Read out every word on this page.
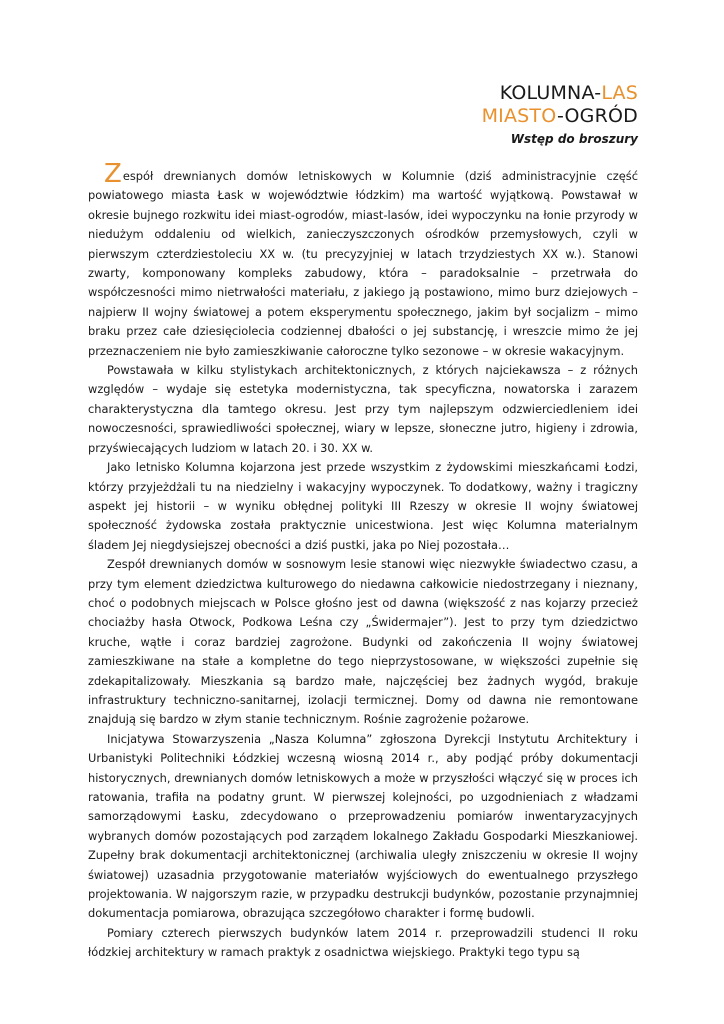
KOLUMNA-LAS
MIASTO-OGRÓD
Wstęp do broszury

Zespół drewnianych domów letniskowych w Kolumnie (dziś administracyjnie część powiatowego miasta Łask w województwie łódzkim) ma wartość wyjątkową. Powstawał w okresie bujnego rozkwitu idei miast-ogrodów, miast-lasów, idei wypoczynku na łonie przyrody w niedużym oddaleniu od wielkich, zanieczyszczonych ośrodków przemysłowych, czyli w pierwszym czterdziestoleciu XX w. (tu precyzyjniej w latach trzydziestych XX w.). Stanowi zwarty, komponowany kompleks zabudowy, która – paradoksalnie – przetrwała do współczesności mimo nietrwałości materiału, z jakiego ją postawiono, mimo burz dziejowych – najpierw II wojny światowej a potem eksperymentu społecznego, jakim był socjalizm – mimo braku przez całe dziesięciolecia codziennej dbałości o jej substancję, i wreszcie mimo że jej przeznaczeniem nie było zamieszkiwanie całoroczne tylko sezonowe – w okresie wakacyjnym.

Powstawała w kilku stylistykach architektonicznych, z których najciekawsza – z różnych względów – wydaje się estetyka modernistyczna, tak specyficzna, nowatorska i zarazem charakterystyczna dla tamtego okresu. Jest przy tym najlepszym odzwierciedleniem idei nowoczesności, sprawiedliwości społecznej, wiary w lepsze, słoneczne jutro, higieny i zdrowia, przyświecających ludziom w latach 20. i 30. XX w.

Jako letnisko Kolumna kojarzona jest przede wszystkim z żydowskimi mieszkańcami Łodzi, którzy przyjeżdżali tu na niedzielny i wakacyjny wypoczynek. To dodatkowy, ważny i tragiczny aspekt jej historii – w wyniku obłędnej polityki III Rzeszy w okresie II wojny światowej społeczność żydowska została praktycznie unicestwiona. Jest więc Kolumna materialnym śladem Jej niegdysiejszej obecności a dziś pustki, jaka po Niej pozostała…

Zespół drewnianych domów w sosnowym lesie stanowi więc niezwykłe świadectwo czasu, a przy tym element dziedzictwa kulturowego do niedawna całkowicie niedostrzegany i nieznany, choć o podobnych miejscach w Polsce głośno jest od dawna (większość z nas kojarzy przecież chociażby hasła Otwock, Podkowa Leśna czy „Świdermajer”). Jest to przy tym dziedzictwo kruche, wątłe i coraz bardziej zagrożone. Budynki od zakończenia II wojny światowej zamieszkiwane na stałe a kompletne do tego nieprzystosowane, w większości zupełnie się zdekapitalizowały. Mieszkania są bardzo małe, najczęściej bez żadnych wygód, brakuje infrastruktury techniczno-sanitarnej, izolacji termicznej. Domy od dawna nie remontowane znajdują się bardzo w złym stanie technicznym. Rośnie zagrożenie pożarowe.

Inicjatywa Stowarzyszenia „Nasza Kolumna” zgłoszona Dyrekcji Instytutu Architektury i Urbanistyki Politechniki Łódzkiej wczesną wiosną 2014 r., aby podjąć próby dokumentacji historycznych, drewnianych domów letniskowych a może w przyszłości włączyć się w proces ich ratowania, trafiła na podatny grunt. W pierwszej kolejności, po uzgodnieniach z władzami samorządowymi Łasku, zdecydowano o przeprowadzeniu pomiarów inwentaryzacyjnych wybranych domów pozostających pod zarządem lokalnego Zakładu Gospodarki Mieszkaniowej. Zupełny brak dokumentacji architektonicznej (archiwalia uległy zniszczeniu w okresie II wojny światowej) uzasadnia przygotowanie materiałów wyjściowych do ewentualnego przyszłego projektowania. W najgorszym razie, w przypadku destrukcji budynków, pozostanie przynajmniej dokumentacja pomiarowa, obrazująca szczegółowo charakter i formę budowli.

Pomiary czterech pierwszych budynków latem 2014 r. przeprowadzili studenci II roku łódzkiej architektury w ramach praktyk z osadnictwa wiejskiego. Praktyki tego typu są
